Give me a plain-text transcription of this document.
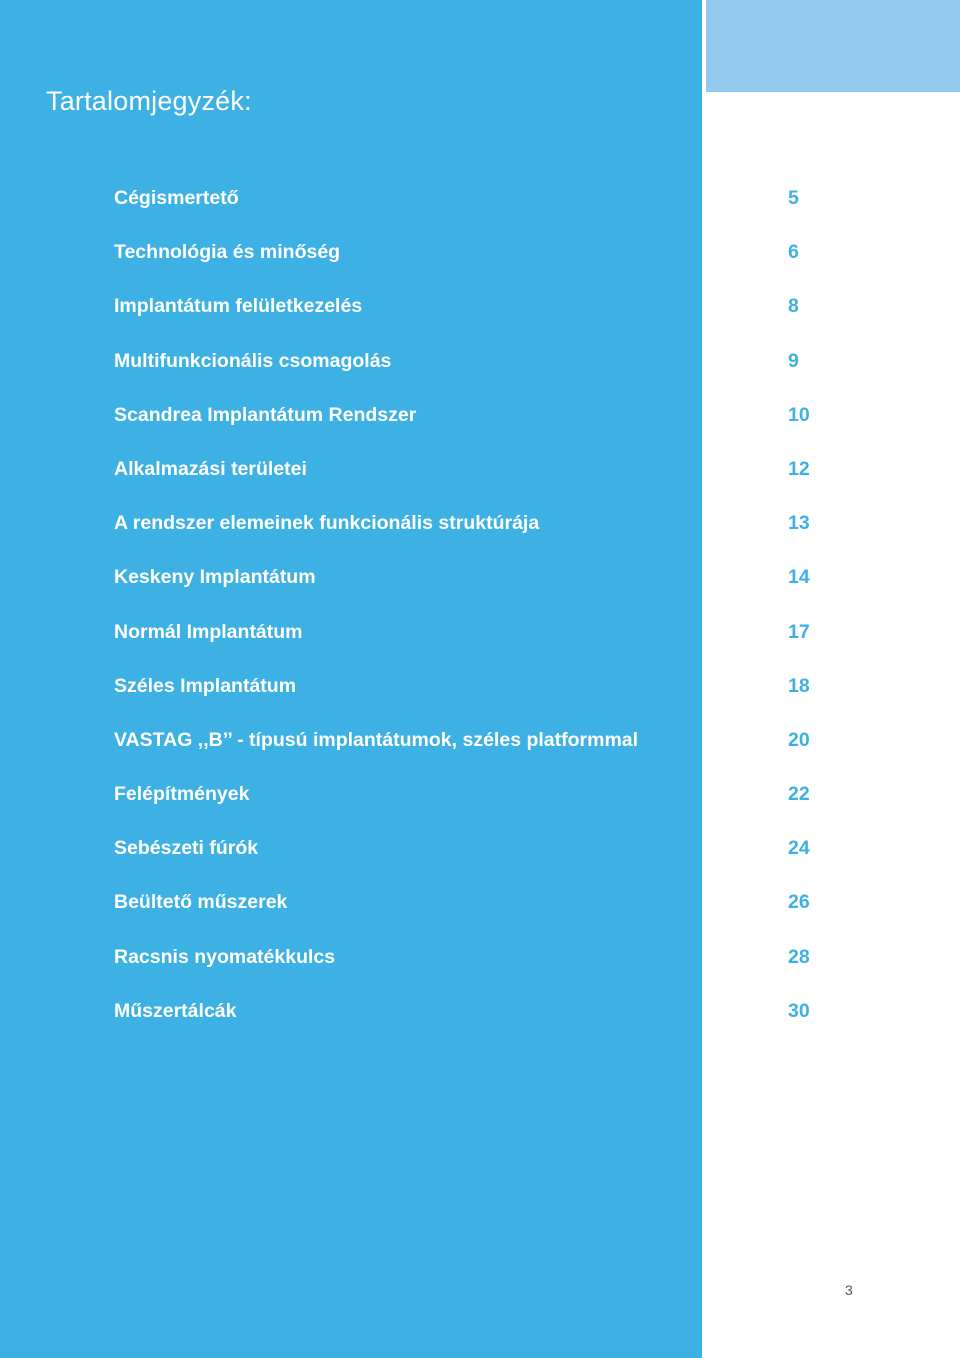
Tartalomjegyzék:
Cégismertető	5
Technológia és minőség	6
Implantátum felületkezelés	8
Multifunkcionális csomagolás	9
Scandrea Implantátum Rendszer	10
Alkalmazási területei	12
A rendszer elemeinek funkcionális struktúrája	13
Keskeny Implantátum	14
Normál Implantátum	17
Széles Implantátum	18
VASTAG ,,B’’ - típusú implantátumok, széles platformmal	20
Felépítmények	22
Sebészeti fúrók	24
Beültető műszerek	26
Racsnis nyomatékkulcs	28
Műszertálcák	30
3
